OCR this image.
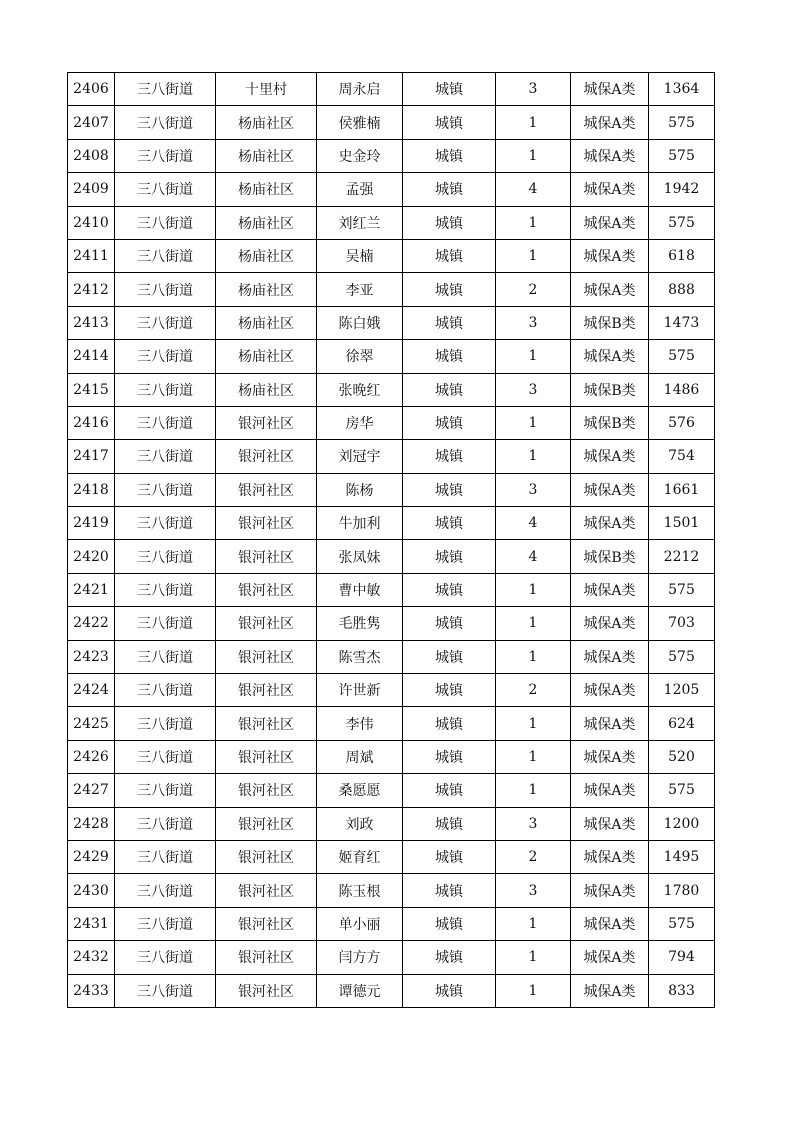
2406	三八街道	十里村	周永启	城镇	3	城保A类	1364
2407	三八街道	杨庙社区	侯雅楠	城镇	1	城保A类	575
2408	三八街道	杨庙社区	史金玲	城镇	1	城保A类	575
2409	三八街道	杨庙社区	孟强	城镇	4	城保A类	1942
2410	三八街道	杨庙社区	刘红兰	城镇	1	城保A类	575
2411	三八街道	杨庙社区	吴楠	城镇	1	城保A类	618
2412	三八街道	杨庙社区	李亚	城镇	2	城保A类	888
2413	三八街道	杨庙社区	陈白娥	城镇	3	城保B类	1473
2414	三八街道	杨庙社区	徐翠	城镇	1	城保A类	575
2415	三八街道	杨庙社区	张晚红	城镇	3	城保B类	1486
2416	三八街道	银河社区	房华	城镇	1	城保B类	576
2417	三八街道	银河社区	刘冠宇	城镇	1	城保A类	754
2418	三八街道	银河社区	陈杨	城镇	3	城保A类	1661
2419	三八街道	银河社区	牛加利	城镇	4	城保A类	1501
2420	三八街道	银河社区	张凤妹	城镇	4	城保B类	2212
2421	三八街道	银河社区	曹中敏	城镇	1	城保A类	575
2422	三八街道	银河社区	毛胜隽	城镇	1	城保A类	703
2423	三八街道	银河社区	陈雪杰	城镇	1	城保A类	575
2424	三八街道	银河社区	许世新	城镇	2	城保A类	1205
2425	三八街道	银河社区	李伟	城镇	1	城保A类	624
2426	三八街道	银河社区	周斌	城镇	1	城保A类	520
2427	三八街道	银河社区	桑愿愿	城镇	1	城保A类	575
2428	三八街道	银河社区	刘政	城镇	3	城保A类	1200
2429	三八街道	银河社区	姬育红	城镇	2	城保A类	1495
2430	三八街道	银河社区	陈玉根	城镇	3	城保A类	1780
2431	三八街道	银河社区	单小丽	城镇	1	城保A类	575
2432	三八街道	银河社区	闫方方	城镇	1	城保A类	794
2433	三八街道	银河社区	谭德元	城镇	1	城保A类	833
